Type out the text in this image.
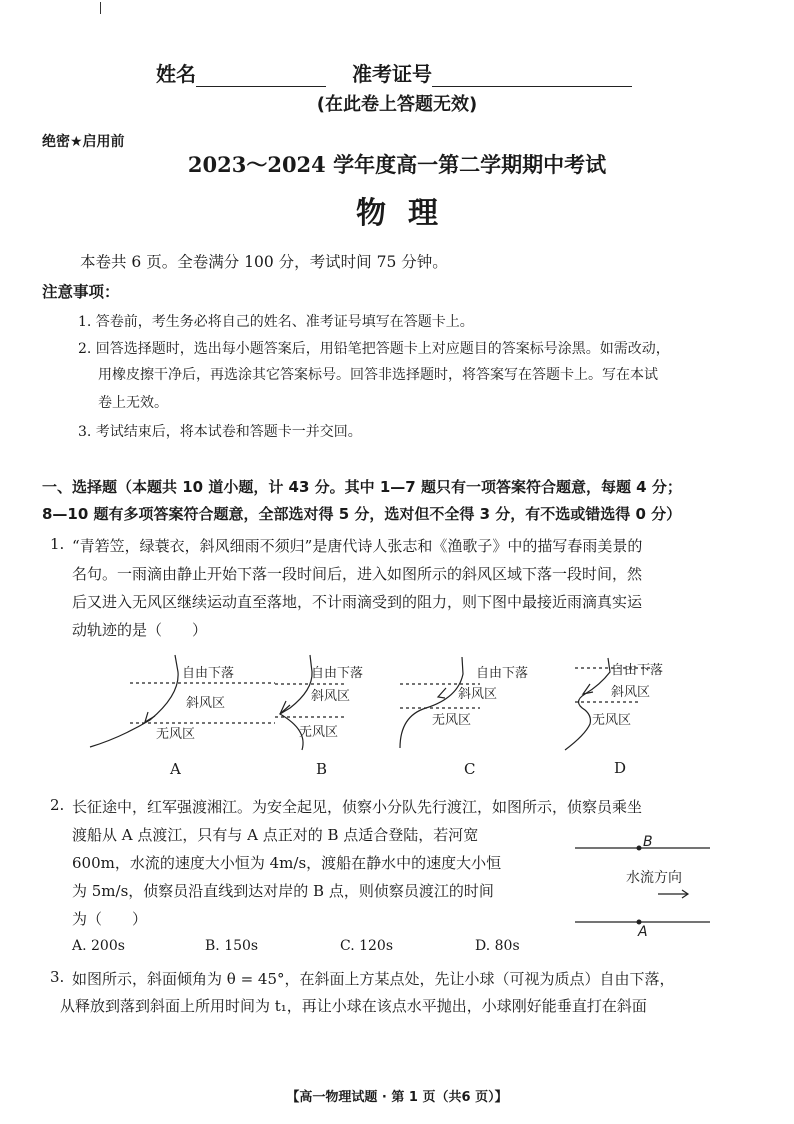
姓名	准考证号
(在此卷上答题无效)
绝密★启用前
2023～2024 学年度高一第二学期期中考试
物理
本卷共 6 页。全卷满分 100 分，考试时间 75 分钟。
注意事项：
1. 答卷前，考生务必将自己的姓名、准考证号填写在答题卡上。
2. 回答选择题时，选出每小题答案后，用铅笔把答题卡上对应题目的答案标号涂黑。如需改动，
用橡皮擦干净后，再选涂其它答案标号。回答非选择题时，将答案写在答题卡上。写在本试
卷上无效。
3. 考试结束后，将本试卷和答题卡一并交回。
一、选择题（本题共 10 道小题，计 43 分。其中 1—7 题只有一项答案符合题意，每题 4 分；
8—10 题有多项答案符合题意，全部选对得 5 分，选对但不全得 3 分，有不选或错选得 0 分）
1. “青箬笠，绿蓑衣，斜风细雨不须归”是唐代诗人张志和《渔歌子》中的描写春雨美景的
名句。一雨滴由静止开始下落一段时间后，进入如图所示的斜风区域下落一段时间，然
后又进入无风区继续运动直至落地，不计雨滴受到的阻力，则下图中最接近雨滴真实运
动轨迹的是（　　）
自由下落
斜风区
无风区
自由下落
斜风区
无风区
自由下落
斜风区
无风区
自由下落
斜风区
无风区
A	B	C	D
2. 长征途中，红军强渡湘江。为安全起见，侦察小分队先行渡江，如图所示，侦察员乘坐
渡船从 A 点渡江，只有与 A 点正对的 B 点适合登陆，若河宽
600m，水流的速度大小恒为 4m/s，渡船在静水中的速度大小恒
为 5m/s，侦察员沿直线到达对岸的 B 点，则侦察员渡江的时间
为（　　）
B
A
水流方向
A. 200s	B. 150s	C. 120s	D. 80s
3. 如图所示，斜面倾角为 θ = 45°，在斜面上方某点处，先让小球（可视为质点）自由下落，
从释放到落到斜面上所用时间为 t₁，再让小球在该点水平抛出，小球刚好能垂直打在斜面
【高一物理试题 · 第 1 页（共6 页）】
